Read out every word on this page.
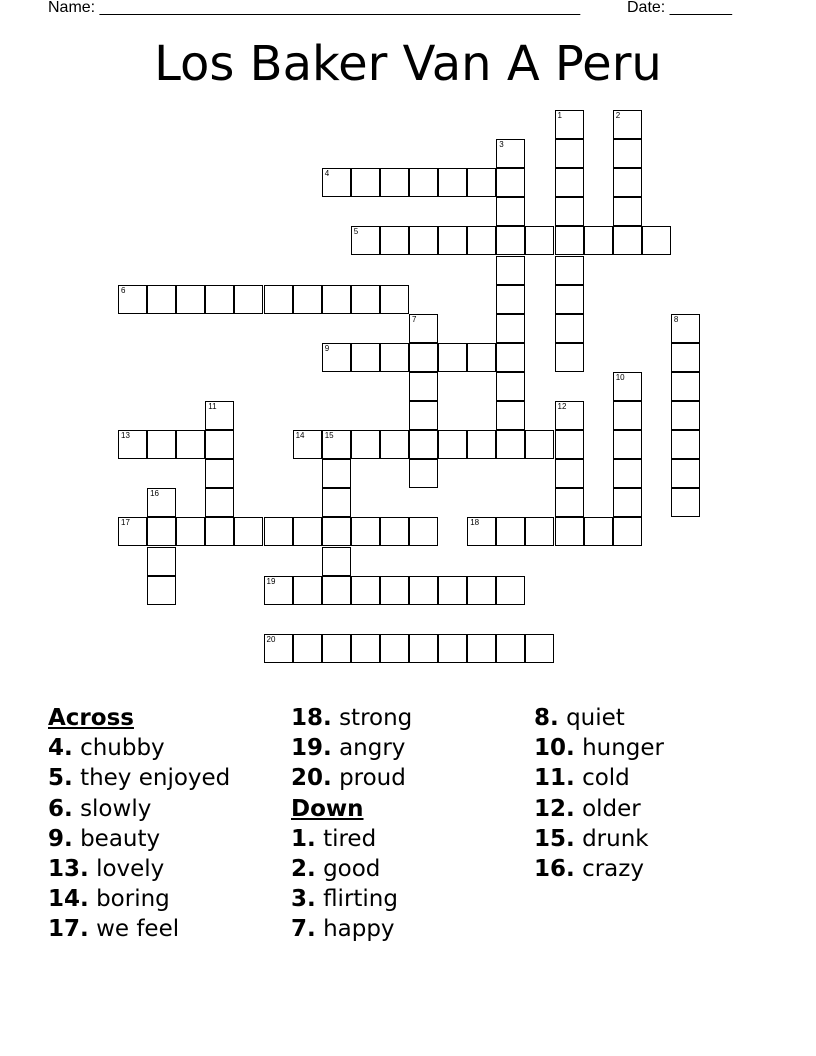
Name: ______________________________________________________	Date: _______
Los Baker Van A Peru
1	2
3
4
5
6
7	8
9
10
11	12
13	14	15
16
17	18
19
20
Across
4. chubby
5. they enjoyed
6. slowly
9. beauty
13. lovely
14. boring
17. we feel
18. strong
19. angry
20. proud
Down
1. tired
2. good
3. flirting
7. happy
8. quiet
10. hunger
11. cold
12. older
15. drunk
16. crazy
